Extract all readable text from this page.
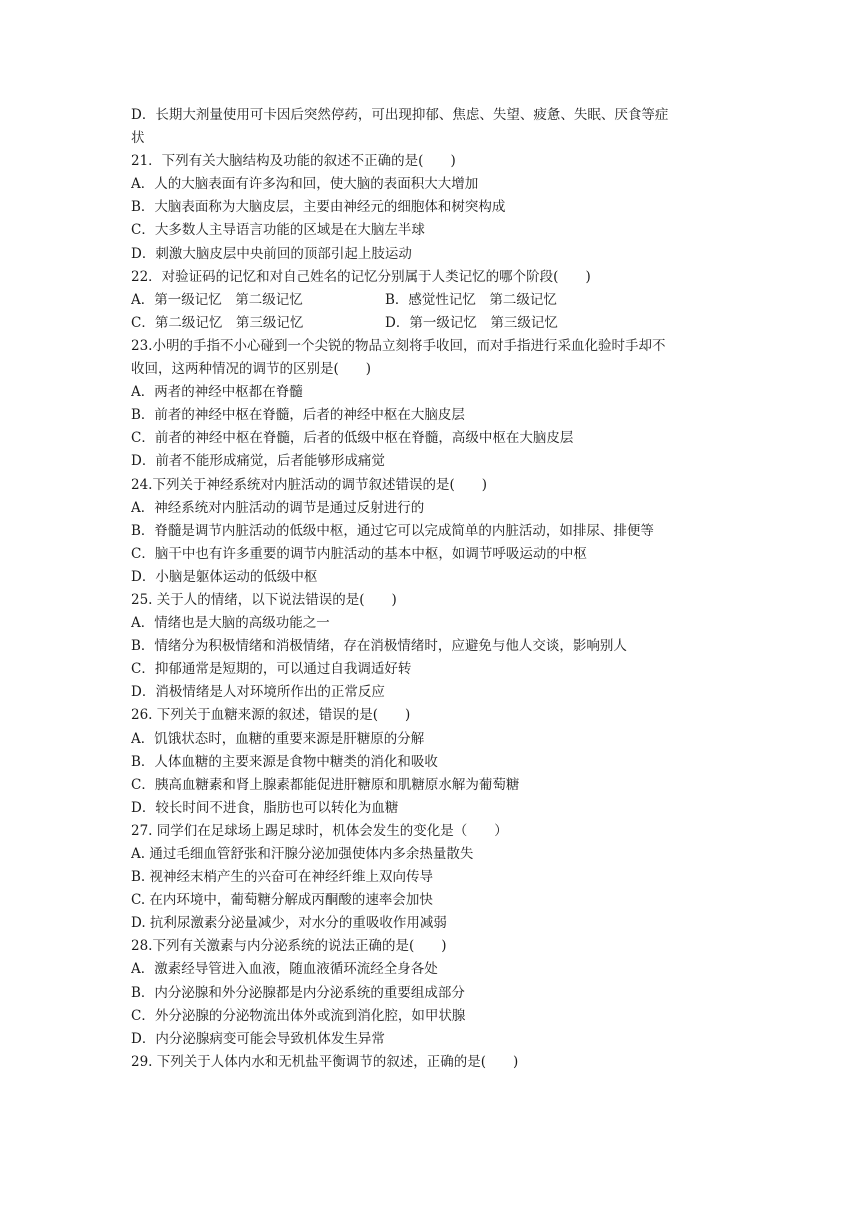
D．长期大剂量使用可卡因后突然停药，可出现抑郁、焦虑、失望、疲惫、失眠、厌食等症
状
21．下列有关大脑结构及功能的叙述不正确的是(　　)
A．人的大脑表面有许多沟和回，使大脑的表面积大大增加
B．大脑表面称为大脑皮层，主要由神经元的细胞体和树突构成
C．大多数人主导语言功能的区域是在大脑左半球
D．刺激大脑皮层中央前回的顶部引起上肢运动
22．对验证码的记忆和对自己姓名的记忆分别属于人类记忆的哪个阶段(　　)
A．第一级记忆　第二级记忆	B．感觉性记忆　第二级记忆
C．第二级记忆　第三级记忆	D．第一级记忆　第三级记忆
23.小明的手指不小心碰到一个尖锐的物品立刻将手收回，而对手指进行采血化验时手却不
收回，这两种情况的调节的区别是(　　)
A．两者的神经中枢都在脊髓
B．前者的神经中枢在脊髓，后者的神经中枢在大脑皮层
C．前者的神经中枢在脊髓，后者的低级中枢在脊髓，高级中枢在大脑皮层
D．前者不能形成痛觉，后者能够形成痛觉
24.下列关于神经系统对内脏活动的调节叙述错误的是(　　)
A．神经系统对内脏活动的调节是通过反射进行的
B．脊髓是调节内脏活动的低级中枢，通过它可以完成简单的内脏活动，如排尿、排便等
C．脑干中也有许多重要的调节内脏活动的基本中枢，如调节呼吸运动的中枢
D．小脑是躯体运动的低级中枢
25. 关于人的情绪，以下说法错误的是(　　)
A．情绪也是大脑的高级功能之一
B．情绪分为积极情绪和消极情绪，存在消极情绪时，应避免与他人交谈，影响别人
C．抑郁通常是短期的，可以通过自我调适好转
D．消极情绪是人对环境所作出的正常反应
26. 下列关于血糖来源的叙述，错误的是(　　)
A．饥饿状态时，血糖的重要来源是肝糖原的分解
B．人体血糖的主要来源是食物中糖类的消化和吸收
C．胰高血糖素和肾上腺素都能促进肝糖原和肌糖原水解为葡萄糖
D．较长时间不进食，脂肪也可以转化为血糖
27. 同学们在足球场上踢足球时，机体会发生的变化是（　　）
A. 通过毛细血管舒张和汗腺分泌加强使体内多余热量散失
B. 视神经末梢产生的兴奋可在神经纤维上双向传导
C. 在内环境中，葡萄糖分解成丙酮酸的速率会加快
D. 抗利尿激素分泌量减少，对水分的重吸收作用减弱
28.下列有关激素与内分泌系统的说法正确的是(　　)
A．激素经导管进入血液，随血液循环流经全身各处
B．内分泌腺和外分泌腺都是内分泌系统的重要组成部分
C．外分泌腺的分泌物流出体外或流到消化腔，如甲状腺
D．内分泌腺病变可能会导致机体发生异常
29. 下列关于人体内水和无机盐平衡调节的叙述，正确的是(　　)
